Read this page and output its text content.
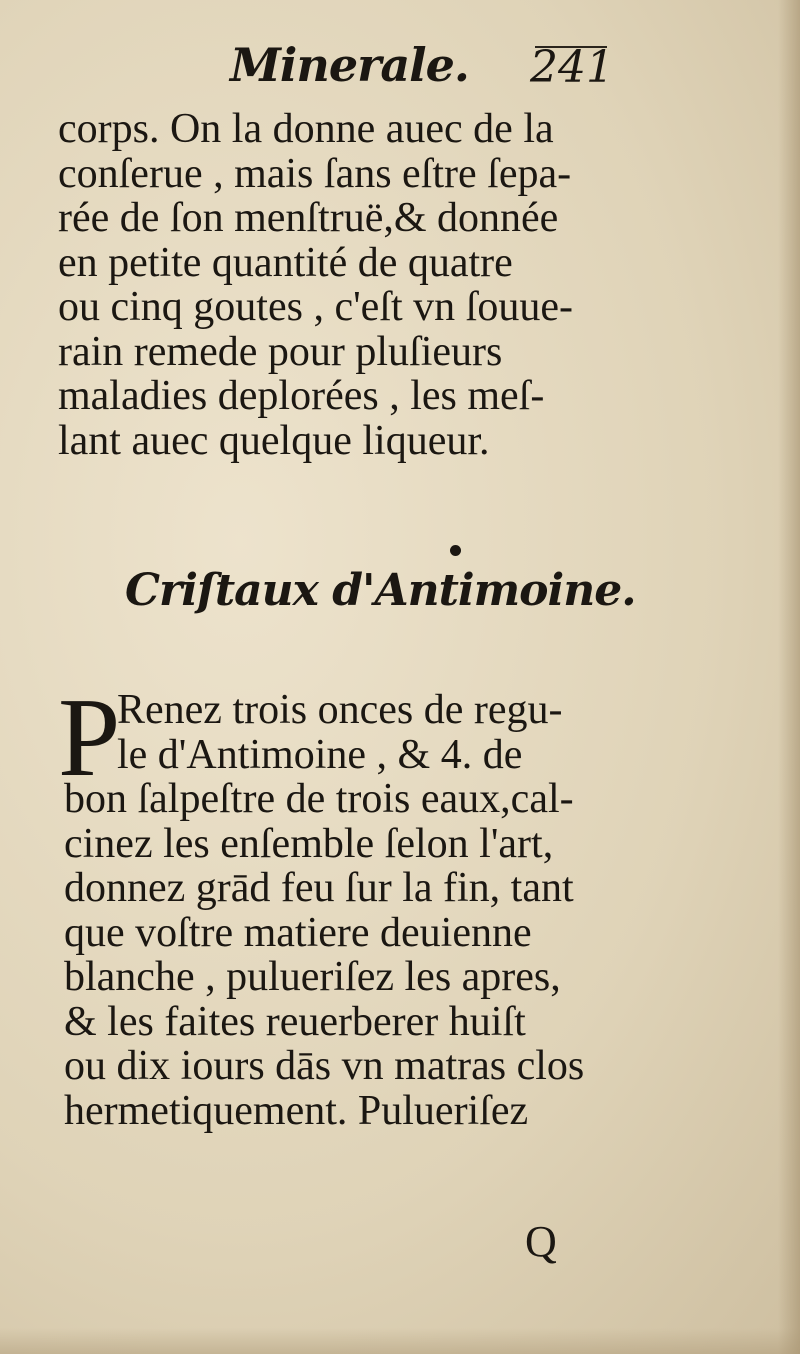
Minerale. 241
corps. On la donne auec de la
conſerue , mais ſans eſtre ſepa-
rée de ſon menſtruë,& donnée
en petite quantité de quatre
ou cinq goutes , c'eſt vn ſouue-
rain remede pour pluſieurs
maladies deplorées , les meſ-
lant auec quelque liqueur.
Criſtaux d'Antimoine.
P
Renez trois onces de regu-
le d'Antimoine , & 4. de
bon ſalpeſtre de trois eaux,cal-
cinez les enſemble ſelon l'art,
donnez grād feu ſur la fin, tant
que voſtre matiere deuienne
blanche , pulueriſez les apres,
& les faites reuerberer huiſt
ou dix iours dās vn matras clos
hermetiquement. Pulueriſez
Q
